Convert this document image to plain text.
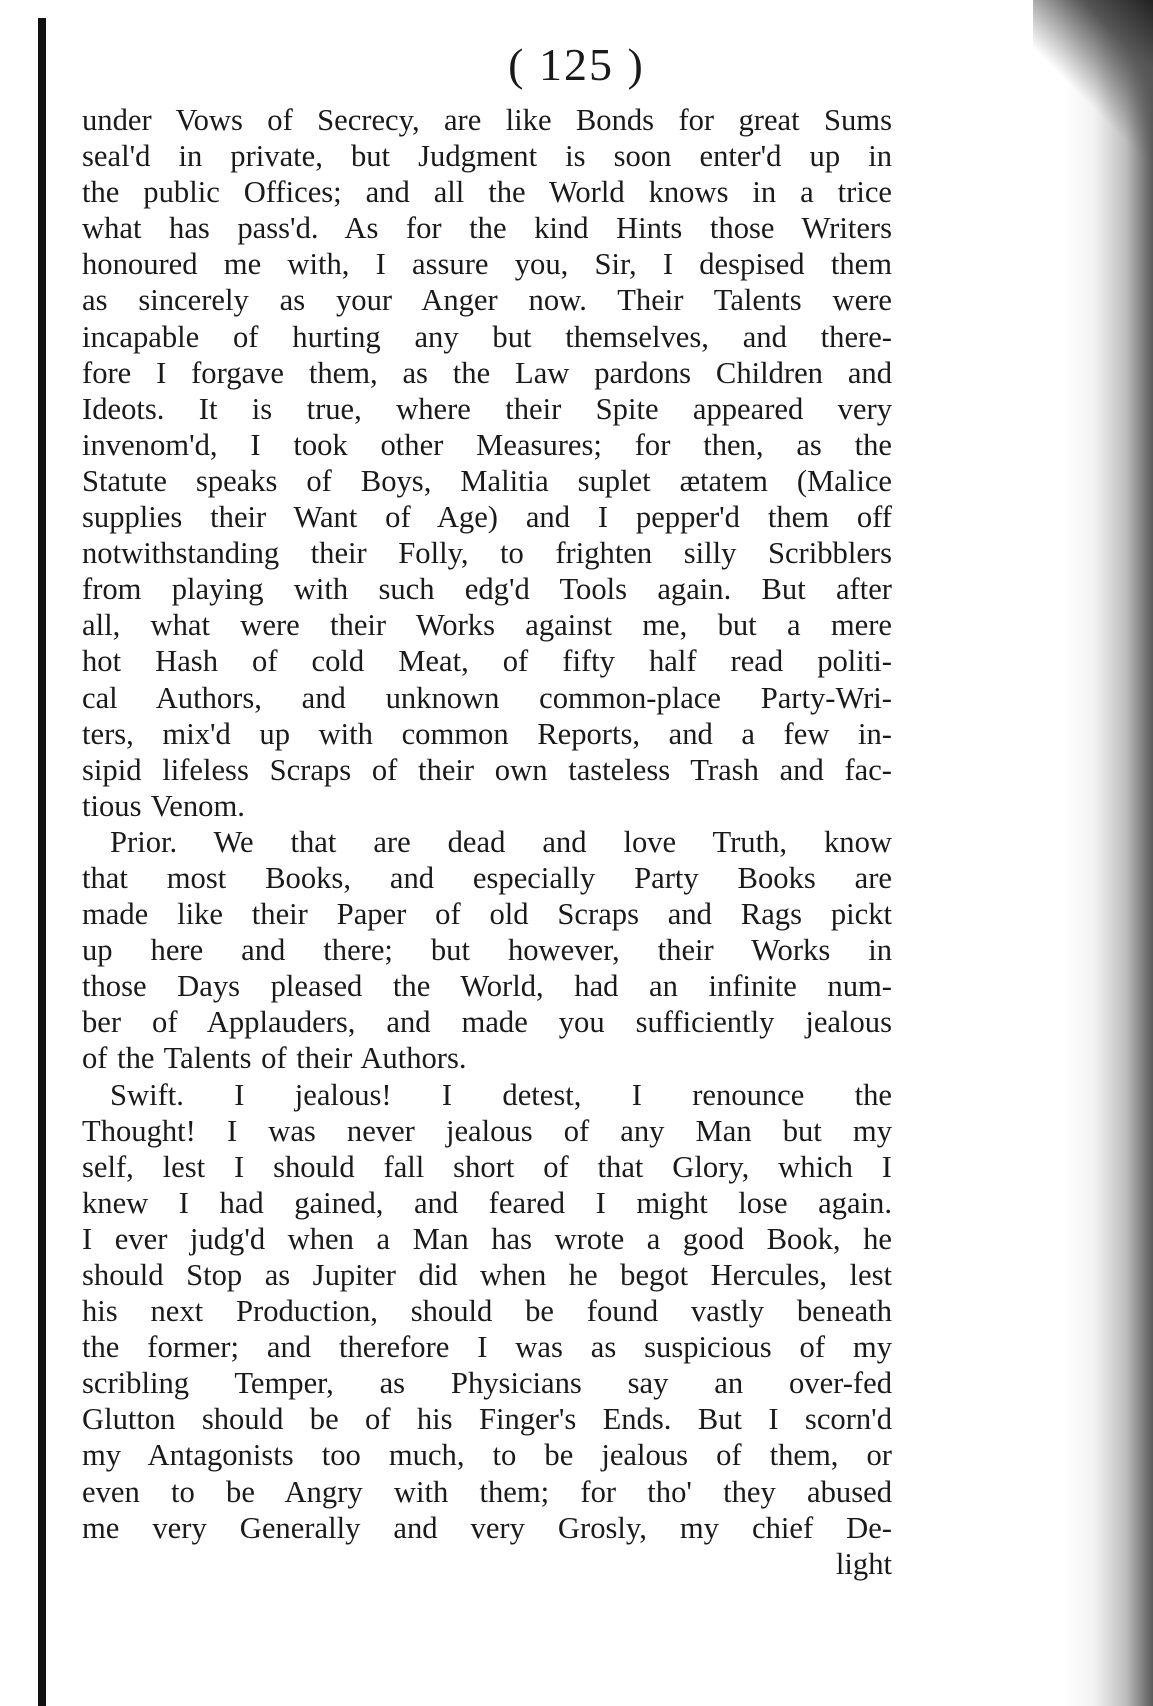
( 125 )
under Vows of Secrecy, are like Bonds for great Sums
seal'd in private, but Judgment is soon enter'd up in
the public Offices; and all the World knows in a trice
what has pass'd. As for the kind Hints those Writers
honoured me with, I assure you, Sir, I despised them
as sincerely as your Anger now. Their Talents were
incapable of hurting any but themselves, and there-
fore I forgave them, as the Law pardons Children and
Ideots. It is true, where their Spite appeared very
invenom'd, I took other Measures; for then, as the
Statute speaks of Boys, Malitia suplet ætatem (Malice
supplies their Want of Age) and I pepper'd them off
notwithstanding their Folly, to frighten silly Scribblers
from playing with such edg'd Tools again. But after
all, what were their Works against me, but a mere
hot Hash of cold Meat, of fifty half read politi-
cal Authors, and unknown common-place Party-Wri-
ters, mix'd up with common Reports, and a few in-
sipid lifeless Scraps of their own tasteless Trash and fac-
tious Venom.
Prior. We that are dead and love Truth, know
that most Books, and especially Party Books are
made like their Paper of old Scraps and Rags pickt
up here and there; but however, their Works in
those Days pleased the World, had an infinite num-
ber of Applauders, and made you sufficiently jealous
of the Talents of their Authors.
Swift. I jealous! I detest, I renounce the
Thought! I was never jealous of any Man but my
self, lest I should fall short of that Glory, which I
knew I had gained, and feared I might lose again.
I ever judg'd when a Man has wrote a good Book, he
should Stop as Jupiter did when he begot Hercules, lest
his next Production, should be found vastly beneath
the former; and therefore I was as suspicious of my
scribling Temper, as Physicians say an over-fed
Glutton should be of his Finger's Ends. But I scorn'd
my Antagonists too much, to be jealous of them, or
even to be Angry with them; for tho' they abused
me very Generally and very Grosly, my chief De-
light
